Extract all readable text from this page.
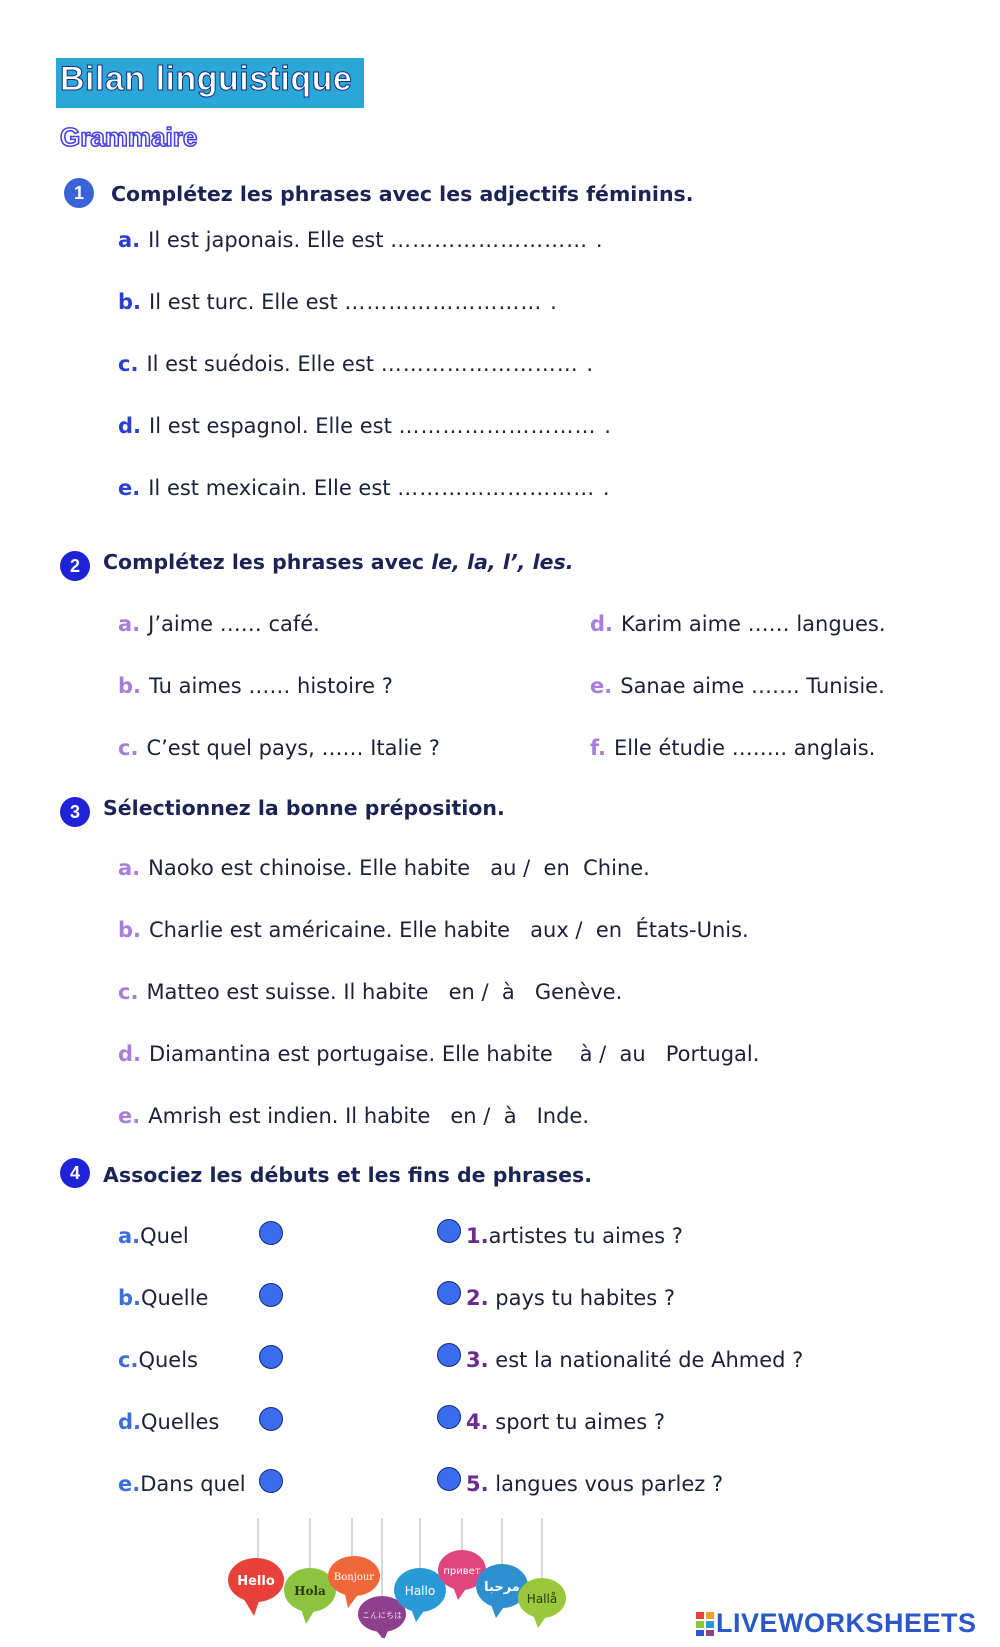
Bilan linguistique
Grammaire
1	Complétez les phrases avec les adjectifs féminins.
a. Il est japonais. Elle est ……………………… .
b. Il est turc. Elle est ……………………… .
c. Il est suédois. Elle est ……………………… .
d. Il est espagnol. Elle est ……………………… .
e. Il est mexicain. Elle est ……………………… .
2	Complétez les phrases avec le, la, l’, les.
a. J’aime …… café.
b. Tu aimes …… histoire ?
c. C’est quel pays, …… Italie ?
d. Karim aime …… langues.
e. Sanae aime ……. Tunisie.
f. Elle étudie …….. anglais.
3	Sélectionnez la bonne préposition.
a. Naoko est chinoise. Elle habite au /  en Chine.
b. Charlie est américaine. Elle habite aux /  en États-Unis.
c. Matteo est suisse. Il habite en /  à Genève.
d. Diamantina est portugaise. Elle habite à /  au Portugal.
e. Amrish est indien. Il habite en /  à Inde.
4	Associez les débuts et les fins de phrases.
a.Quel
b.Quelle
c.Quels
d.Quelles
e.Dans quel
1.artistes tu aimes ?
2. pays tu habites ?
3. est la nationalité de Ahmed ?
4. sport tu aimes ?
5. langues vous parlez ?
Hello
Hola
Bonjour
こんにちは
Hallo
привет
مرحبا
Hallå
LIVEWORKSHEETS
